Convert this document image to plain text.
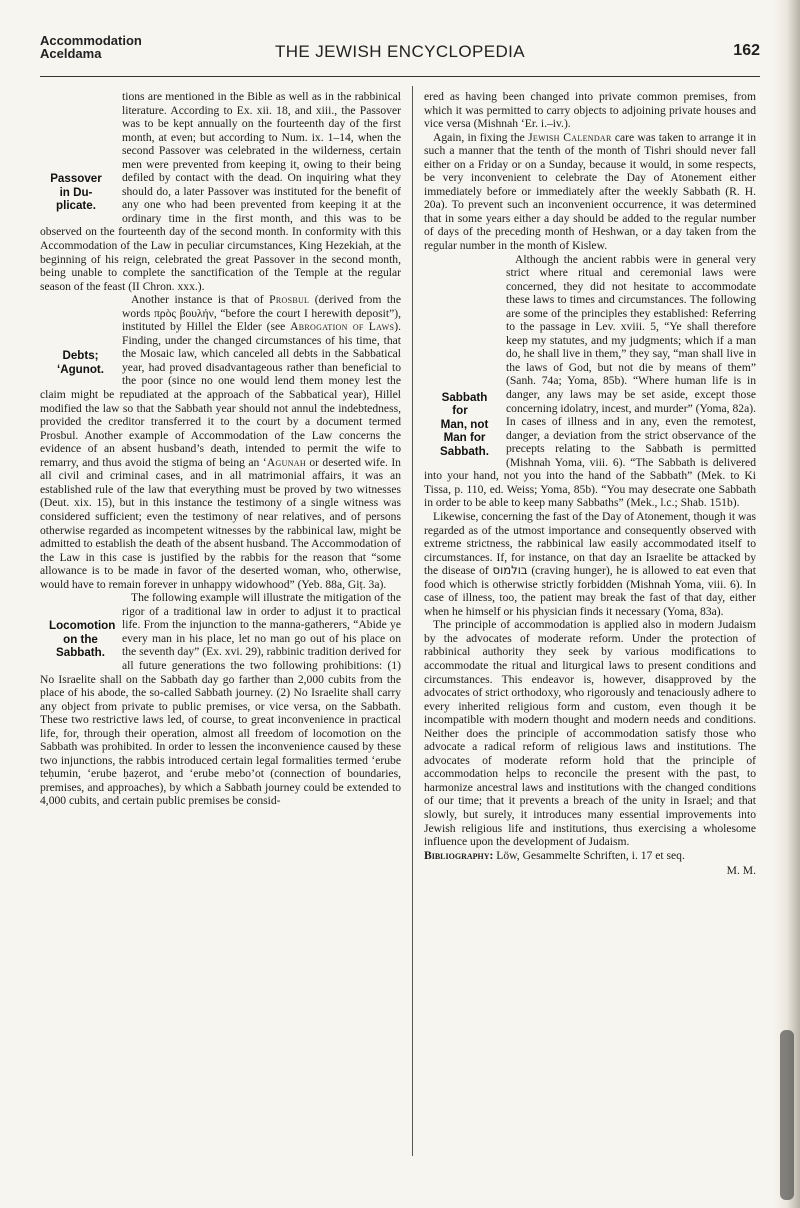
Accommodation
Aceldama	THE JEWISH ENCYCLOPEDIA	162

Passover
in Du-
plicate.
tions are mentioned in the Bible as well as in the rabbinical literature. According to Ex. xii. 18, and xiii., the Passover was to be kept annually on the fourteenth day of the first month, at even; but according to Num. ix. 1–14, when the second Passover was celebrated in the wilderness, certain men were prevented from keeping it, owing to their being defiled by contact with the dead. On inquiring what they should do, a later Passover was instituted for the benefit of any one who had been prevented from keeping it at the ordinary time in the first month, and this was to be observed on the fourteenth day of the second month. In conformity with this Accommodation of the Law in peculiar circumstances, King Hezekiah, at the beginning of his reign, celebrated the great Passover in the second month, being unable to complete the sanctification of the Temple at the regular season of the feast (II Chron. xxx.).

Debts;
‘Agunot.
Another instance is that of Prosbul (derived from the words πρὸς βουλήν, “before the court I herewith deposit”), instituted by Hillel the Elder (see Abrogation of Laws). Finding, under the changed circumstances of his time, that the Mosaic law, which canceled all debts in the Sabbatical year, had proved disadvantageous rather than beneficial to the poor (since no one would lend them money lest the claim might be repudiated at the approach of the Sabbatical year), Hillel modified the law so that the Sabbath year should not annul the indebtedness, provided the creditor transferred it to the court by a document termed Prosbul. Another example of Accommodation of the Law concerns the evidence of an absent husband’s death, intended to permit the wife to remarry, and thus avoid the stigma of being an ‘Agunah or deserted wife. In all civil and criminal cases, and in all matrimonial affairs, it was an established rule of the law that everything must be proved by two witnesses (Deut. xix. 15), but in this instance the testimony of a single witness was considered sufficient; even the testimony of near relatives, and of persons otherwise regarded as incompetent witnesses by the rabbinical law, might be admitted to establish the death of the absent husband. The Accommodation of the Law in this case is justified by the rabbis for the reason that “some allowance is to be made in favor of the deserted woman, who, otherwise, would have to remain forever in unhappy widowhood” (Yeb. 88a, Giṭ. 3a).

Locomotion
on the
Sabbath.
The following example will illustrate the mitigation of the rigor of a traditional law in order to adjust it to practical life. From the injunction to the manna-gatherers, “Abide ye every man in his place, let no man go out of his place on the seventh day” (Ex. xvi. 29), rabbinic tradition derived for all future generations the two following prohibitions: (1) No Israelite shall on the Sabbath day go farther than 2,000 cubits from the place of his abode, the so-called Sabbath journey. (2) No Israelite shall carry any object from private to public premises, or vice versa, on the Sabbath. These two restrictive laws led, of course, to great inconvenience in practical life, for, through their operation, almost all freedom of locomotion on the Sabbath was prohibited. In order to lessen the inconvenience caused by these two injunctions, the rabbis introduced certain legal formalities termed ‘erube teḥumin, ‘erube ḥaẓerot, and ‘erube mebo’ot (connection of boundaries, premises, and approaches), by which a Sabbath journey could be extended to 4,000 cubits, and certain public premises be consid-

ered as having been changed into private common premises, from which it was permitted to carry objects to adjoining private houses and vice versa (Mishnah ‘Er. i.–iv.).

Again, in fixing the Jewish Calendar care was taken to arrange it in such a manner that the tenth of the month of Tishri should never fall either on a Friday or on a Sunday, because it would, in some respects, be very inconvenient to celebrate the Day of Atonement either immediately before or immediately after the weekly Sabbath (R. H. 20a). To prevent such an inconvenient occurrence, it was determined that in some years either a day should be added to the regular number of days of the preceding month of Heshwan, or a day taken from the regular number in the month of Kislew.

Sabbath for
Man, not
Man for
Sabbath.
Although the ancient rabbis were in general very strict where ritual and ceremonial laws were concerned, they did not hesitate to accommodate these laws to times and circumstances. The following are some of the principles they established: Referring to the passage in Lev. xviii. 5, “Ye shall therefore keep my statutes, and my judgments; which if a man do, he shall live in them,” they say, “man shall live in the laws of God, but not die by means of them” (Sanh. 74a; Yoma, 85b). “Where human life is in danger, any laws may be set aside, except those concerning idolatry, incest, and murder” (Yoma, 82a). In cases of illness and in any, even the remotest, danger, a deviation from the strict observance of the precepts relating to the Sabbath is permitted (Mishnah Yoma, viii. 6). “The Sabbath is delivered into your hand, not you into the hand of the Sabbath” (Mek. to Ki Tissa, p. 110, ed. Weiss; Yoma, 85b). “You may desecrate one Sabbath in order to be able to keep many Sabbaths” (Mek., l.c.; Shab. 151b).

Likewise, concerning the fast of the Day of Atonement, though it was regarded as of the utmost importance and consequently observed with extreme strictness, the rabbinical law easily accommodated itself to circumstances. If, for instance, on that day an Israelite be attacked by the disease of בולמוס (craving hunger), he is allowed to eat even that food which is otherwise strictly forbidden (Mishnah Yoma, viii. 6). In case of illness, too, the patient may break the fast of that day, either when he himself or his physician finds it necessary (Yoma, 83a).

The principle of accommodation is applied also in modern Judaism by the advocates of moderate reform. Under the protection of rabbinical authority they seek by various modifications to accommodate the ritual and liturgical laws to present conditions and circumstances. This endeavor is, however, disapproved by the advocates of strict orthodoxy, who rigorously and tenaciously adhere to every inherited religious form and custom, even though it be incompatible with modern thought and modern needs and conditions. Neither does the principle of accommodation satisfy those who advocate a radical reform of religious laws and institutions. The advocates of moderate reform hold that the principle of accommodation helps to reconcile the present with the past, to harmonize ancestral laws and institutions with the changed conditions of our time; that it prevents a breach of the unity in Israel; and that slowly, but surely, it introduces many essential improvements into Jewish religious life and institutions, thus exercising a wholesome influence upon the development of Judaism.

Bibliography: Löw, Gesammelte Schriften, i. 17 et seq.

M. M.
